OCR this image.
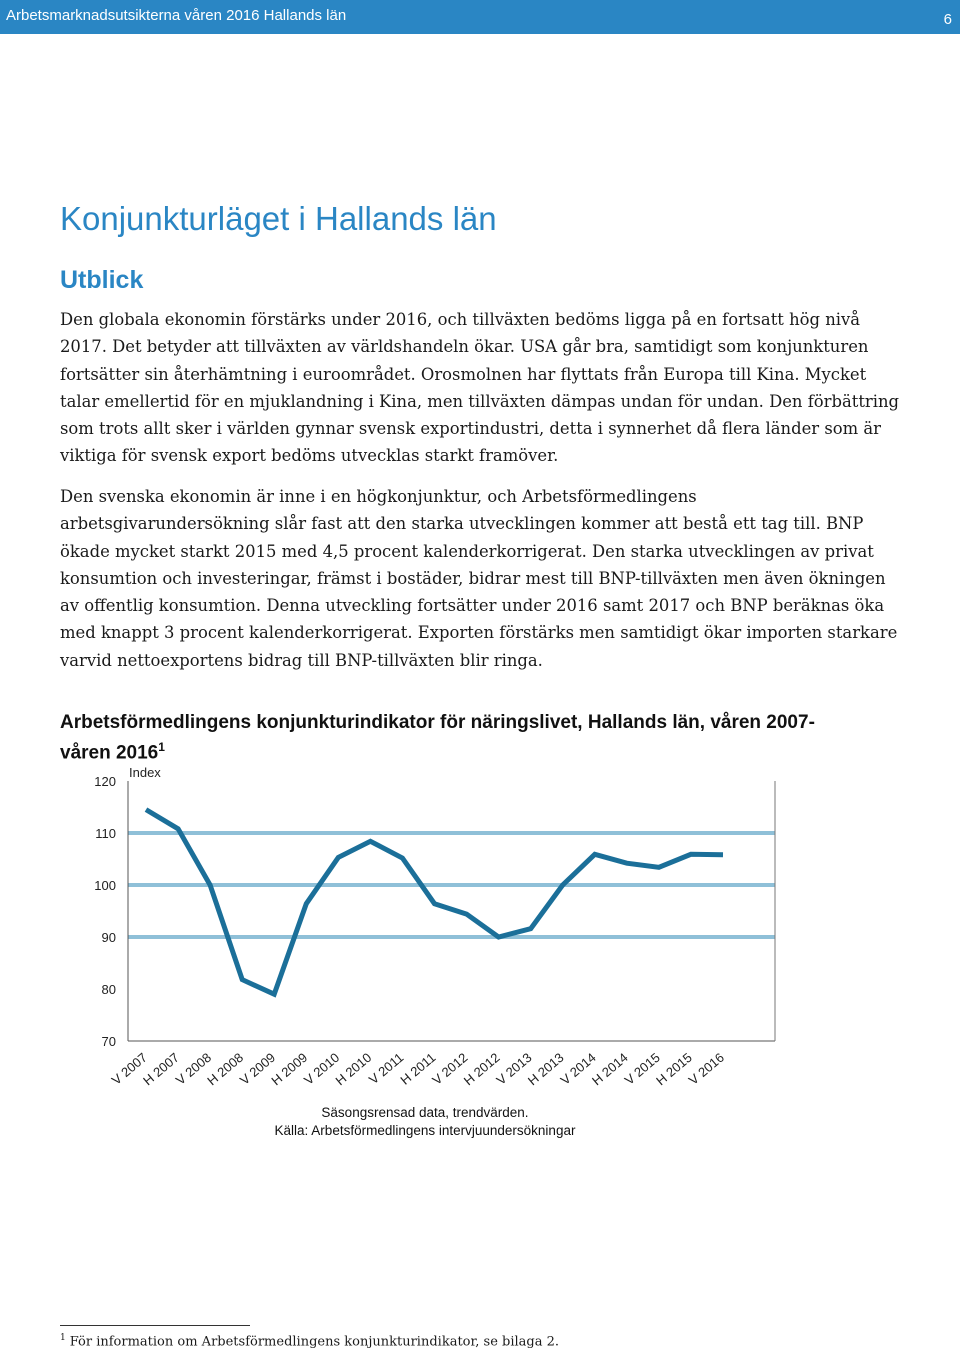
Arbetsmarknadsutsikterna våren 2016 Hallands län	6
Konjunkturläget i Hallands län
Utblick

Den globala ekonomin förstärks under 2016, och tillväxten bedöms ligga på en fortsatt hög nivå 2017. Det betyder att tillväxten av världshandeln ökar. USA går bra, samtidigt som konjunkturen fortsätter sin återhämtning i euroområdet. Orosmolnen har flyttats från Europa till Kina. Mycket talar emellertid för en mjuklandning i Kina, men tillväxten dämpas undan för undan. Den förbättring som trots allt sker i världen gynnar svensk exportindustri, detta i synnerhet då flera länder som är viktiga för svensk export bedöms utvecklas starkt framöver.

Den svenska ekonomin är inne i en högkonjunktur, och Arbetsförmedlingens arbetsgivarundersökning slår fast att den starka utvecklingen kommer att bestå ett tag till. BNP ökade mycket starkt 2015 med 4,5 procent kalenderkorrigerat. Den starka utvecklingen av privat konsumtion och investeringar, främst i bostäder, bidrar mest till BNP-tillväxten men även ökningen av offentlig konsumtion. Denna utveckling fortsätter under 2016 samt 2017 och BNP beräknas öka med knappt 3 procent kalenderkorrigerat. Exporten förstärks men samtidigt ökar importen starkare varvid nettoexportens bidrag till BNP-tillväxten blir ringa.

Arbetsförmedlingens konjunkturindikator för näringslivet, Hallands län, våren 2007-våren 2016$^1$
120
110
100
90
80
70
Index
V 2007
H 2007
V 2008
H 2008
V 2009
H 2009
V 2010
H 2010
V 2011
H 2011
V 2012
H 2012
V 2013
H 2013
V 2014
H 2014
V 2015
H 2015
V 2016
Säsongsrensad data, trendvärden.
Källa: Arbetsförmedlingens intervjuundersökningar

$^1$ För information om Arbetsförmedlingens konjunkturindikator, se bilaga 2.
